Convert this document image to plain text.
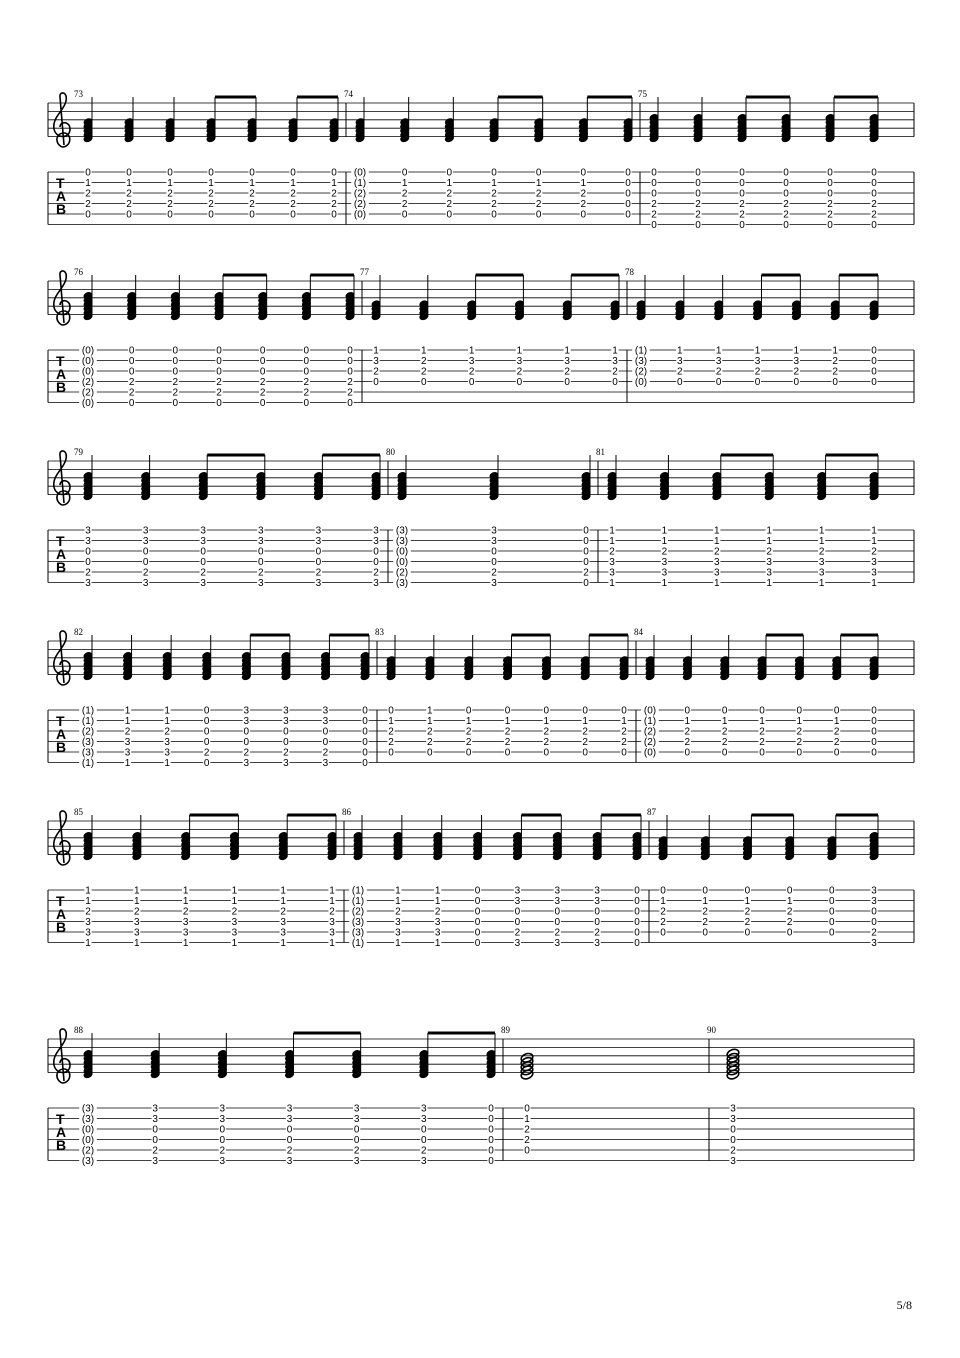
T
A
B
73
0
1
2
2
0
0
1
2
2
0
0
1
2
2
0
0
1
2
2
0
0
1
2
2
0
0
1
2
2
0
0
1
2
2
0
74
(0)
(1)
(2)
(2)
(0)
0
1
2
2
0
0
1
2
2
0
0
1
2
2
0
0
1
2
2
0
0
1
2
2
0
0
0
0
0
0
75
0
0
0
2
2
0
0
0
0
2
2
0
0
0
0
2
2
0
0
0
0
2
2
0
0
0
0
2
2
0
0
0
0
2
2
0
T
A
B
76
(0)
(0)
(0)
(2)
(2)
(0)
0
0
0
2
2
0
0
0
0
2
2
0
0
0
0
2
2
0
0
0
0
2
2
0
0
0
0
2
2
0
0
0
0
2
2
0
77
1
3
2
0
1
2
2
0
1
3
2
0
1
3
2
0
1
3
2
0
1
3
2
0
78
(1)
(3)
(2)
(0)
1
3
2
0
1
3
2
0
1
3
2
0
1
3
2
0
1
2
2
0
0
0
0
0
T
A
B
79
3
3
0
0
2
3
3
3
0
0
2
3
3
3
0
0
2
3
3
3
0
0
2
3
3
3
0
0
2
3
3
3
0
0
2
3
80
(3)
(3)
(0)
(0)
(2)
(3)
3
3
0
0
2
3
0
0
0
0
2
0
81
1
1
2
3
3
1
1
1
2
3
3
1
1
1
2
3
3
1
1
1
2
3
3
1
1
1
2
3
3
1
1
1
2
3
3
1
T
A
B
82
(1)
(1)
(2)
(3)
(3)
(1)
1
1
2
3
3
1
1
1
2
3
3
1
0
0
0
0
2
0
3
3
0
0
2
3
3
3
0
0
2
3
3
3
0
0
2
3
0
0
0
0
0
0
83
0
1
2
2
0
1
1
2
2
0
0
1
2
2
0
0
1
2
2
0
0
1
2
2
0
0
1
2
2
0
0
1
2
2
0
84
(0)
(1)
(2)
(2)
(0)
0
1
2
2
0
0
1
2
2
0
0
1
2
2
0
0
1
2
2
0
0
1
2
2
0
0
0
0
0
0
T
A
B
85
1
1
2
3
3
1
1
1
2
3
3
1
1
1
2
3
3
1
1
1
2
3
3
1
1
1
2
3
3
1
1
1
2
3
3
1
86
(1)
(1)
(2)
(3)
(3)
(1)
1
1
2
3
3
1
1
1
2
3
3
1
0
0
0
0
0
0
3
3
0
0
2
3
3
3
0
0
2
3
3
3
0
0
2
3
0
0
0
0
0
0
87
0
1
2
2
0
0
1
2
2
0
0
1
2
2
0
0
1
2
2
0
0
0
0
0
0
3
3
0
0
2
3
T
A
B
88
(3)
(3)
(0)
(0)
(2)
(3)
3
3
0
0
2
3
3
3
0
0
2
3
3
3
0
0
2
3
3
3
0
0
2
3
3
3
0
0
2
3
0
0
0
0
0
0
89
0
1
2
2
0
90
3
3
0
0
2
3
5/8
